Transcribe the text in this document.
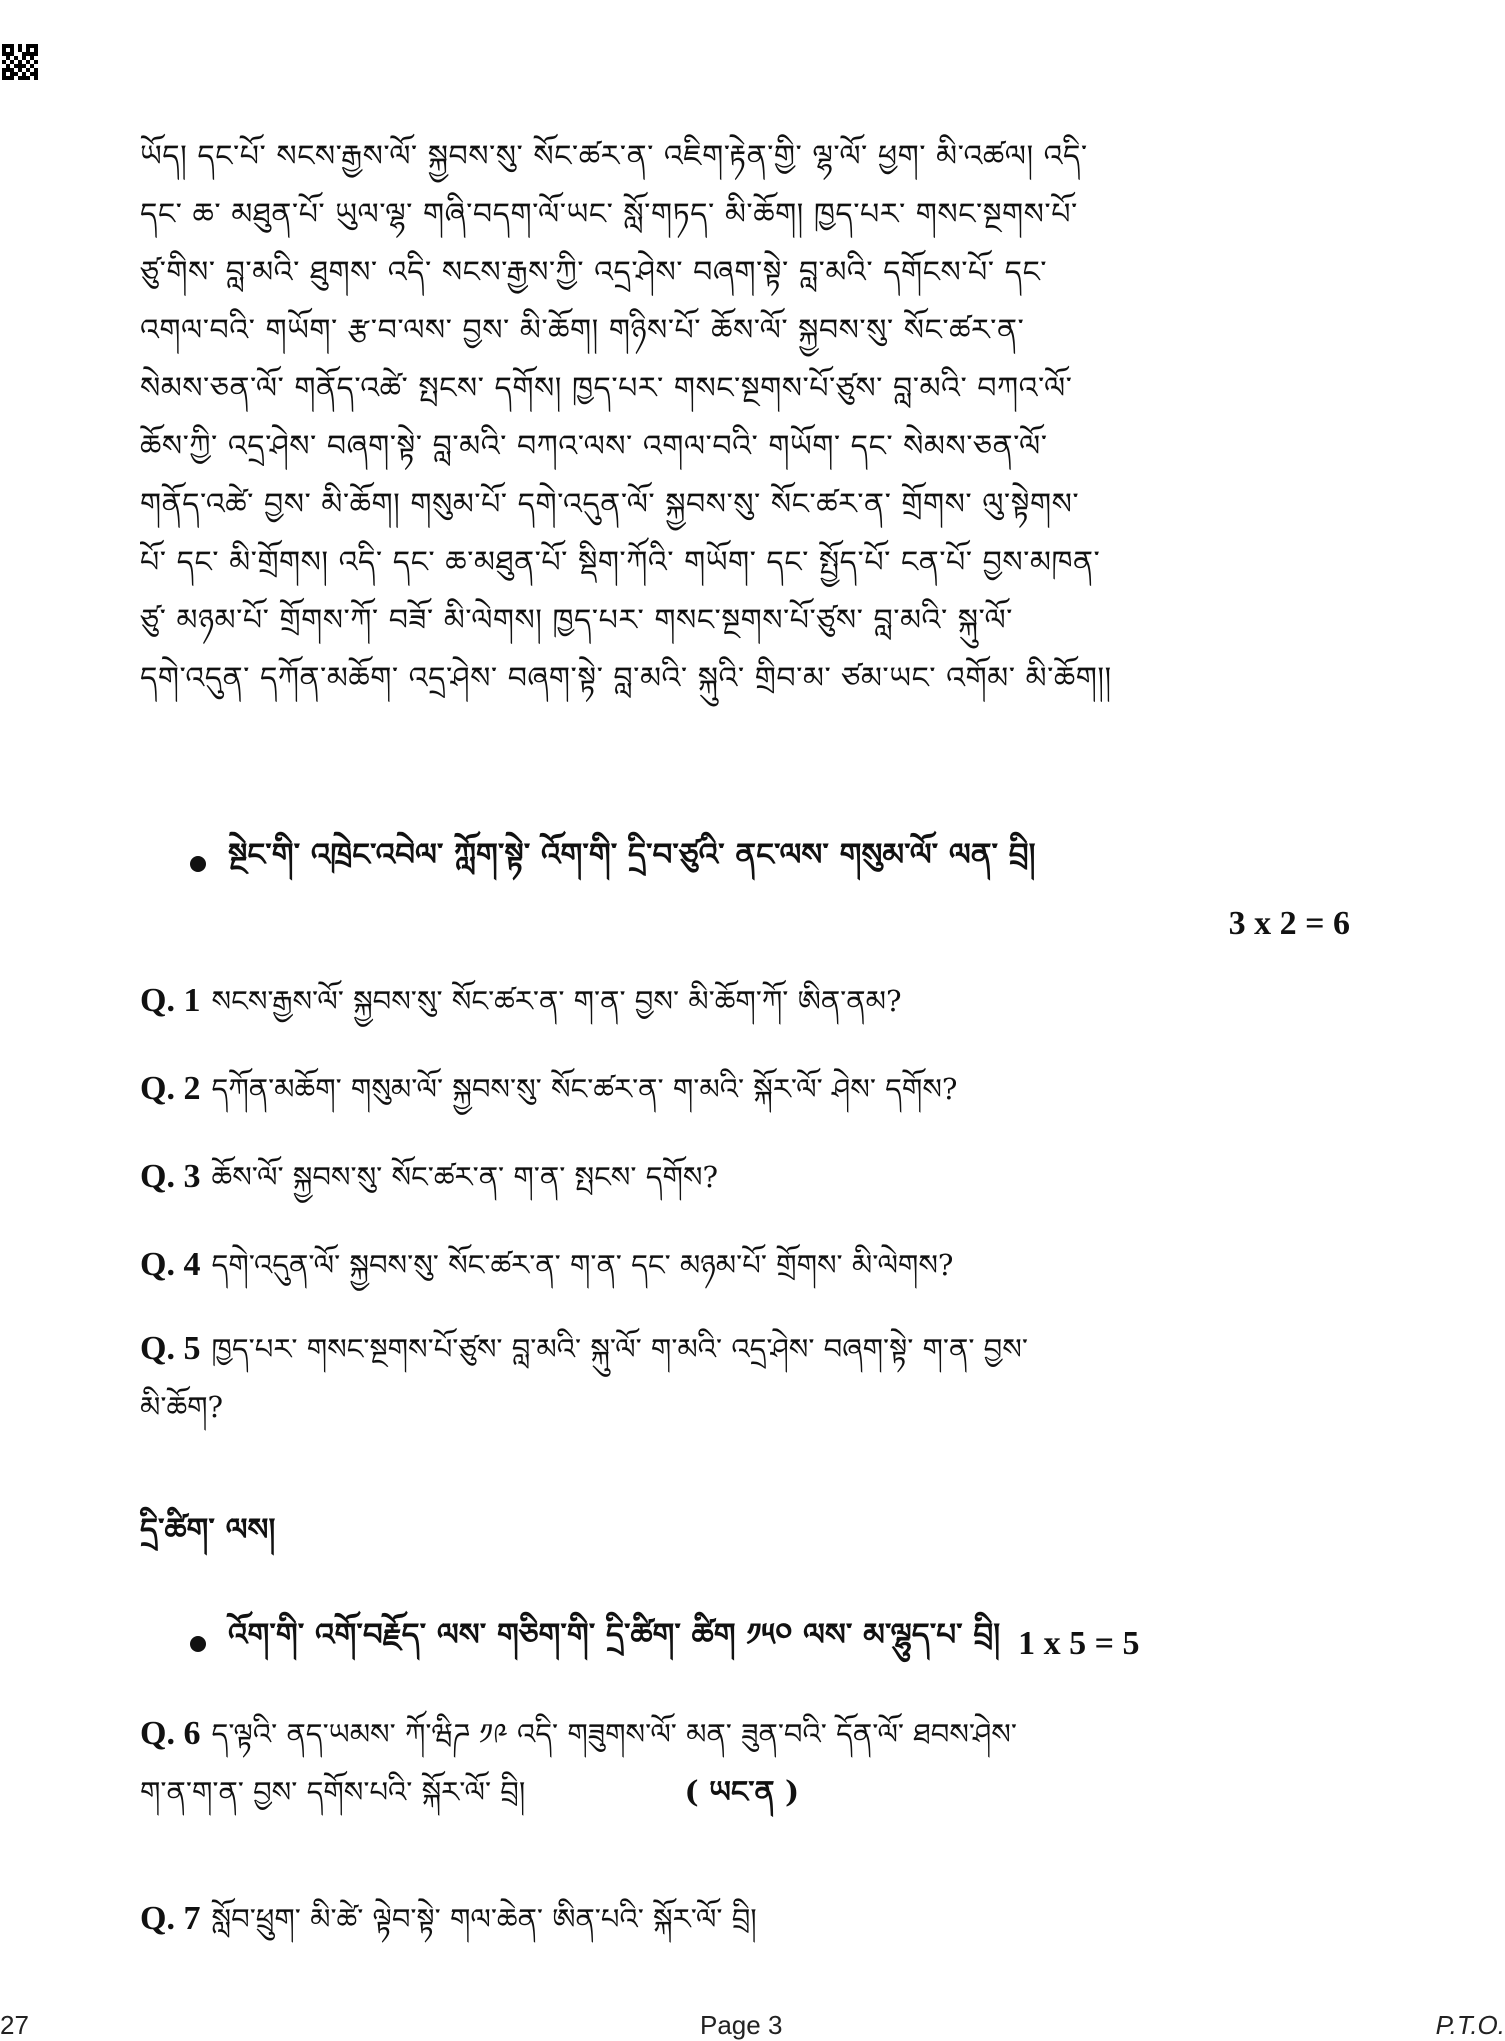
ཡོད། དང་པོ་ སངས་རྒྱས་ལོ་ སྐྱབས་སུ་ སོང་ཚར་ན་ འཇིག་རྟེན་གྱི་ ལྷ་ལོ་ ཕྱག་ མི་འཚལ། འདི་
དང་ ཆ་ མཐུན་པོ་ ཡུལ་ལྷ་ གཞི་བདག་ལོ་ཡང་ སློ་གཏད་ མི་ཆོག། ཁྱད་པར་ གསང་སྔགས་པོ་
ཙུ་གིས་ བླ་མའི་ ཐུགས་ འདི་ སངས་རྒྱས་ཀྱི་ འདྲ་ཤེས་ བཞག་སྟེ་ བླ་མའི་ དགོངས་པོ་ དང་
འགལ་བའི་ གཡོག་ རྩ་བ་ལས་ བྱས་ མི་ཆོག། གཉིས་པོ་ ཆོས་ལོ་ སྐྱབས་སུ་ སོང་ཚར་ན་
སེམས་ཅན་ལོ་ གནོད་འཚེ་ སྤངས་ དགོས། ཁྱད་པར་ གསང་སྔགས་པོ་ཙུས་ བླ་མའི་ བཀའ་ལོ་
ཆོས་ཀྱི་ འདྲ་ཤེས་ བཞག་སྟེ་ བླ་མའི་ བཀའ་ལས་ འགལ་བའི་ གཡོག་ དང་ སེམས་ཅན་ལོ་
གནོད་འཚེ་ བྱས་ མི་ཆོག། གསུམ་པོ་ དགེ་འདུན་ལོ་ སྐྱབས་སུ་ སོང་ཚར་ན་ གྲོགས་ ལུ་སྟེགས་
པོ་ དང་ མི་གྲོགས། འདི་ དང་ ཆ་མཐུན་པོ་ སྡིག་ཀོའི་ གཡོག་ དང་ སྤྱོད་པོ་ ངན་པོ་ བྱས་མཁན་
ཙུ་ མཉམ་པོ་ གྲོགས་ཀོ་ བཟོ་ མི་ལེགས། ཁྱད་པར་ གསང་སྔགས་པོ་ཙུས་ བླ་མའི་ སྐུ་ལོ་
དགེ་འདུན་ དཀོན་མཆོག་ འདྲ་ཤེས་ བཞག་སྟེ་ བླ་མའི་ སྐུའི་ གྲིབ་མ་ ཙམ་ཡང་ འགོམ་ མི་ཆོག།།
སྔེང་གི་ འཁྲེང་འབེལ་ ཀློག་སྟེ་ འོག་གི་ དྲི་བ་ཙུའི་ ནང་ལས་ གསུམ་ལོ་ ལན་ བྲི།
3 x 2 = 6
Q. 1 སངས་རྒྱས་ལོ་ སྐྱབས་སུ་ སོང་ཚར་ན་ ག་ན་ བྱས་ མི་ཆོག་ཀོ་ ཨིན་ནམ?
Q. 2 དཀོན་མཆོག་ གསུམ་ལོ་ སྐྱབས་སུ་ སོང་ཚར་ན་ ག་མའི་ སྐོར་ལོ་ ཤེས་ དགོས?
Q. 3 ཆོས་ལོ་ སྐྱབས་སུ་ སོང་ཚར་ན་ ག་ན་ སྤངས་ དགོས?
Q. 4 དགེ་འདུན་ལོ་ སྐྱབས་སུ་ སོང་ཚར་ན་ ག་ན་ དང་ མཉམ་པོ་ གྲོགས་ མི་ལེགས?
Q. 5 ཁྱད་པར་ གསང་སྔགས་པོ་ཙུས་ བླ་མའི་ སྐུ་ལོ་ ག་མའི་ འདྲ་ཤེས་ བཞག་སྟེ་ ག་ན་ བྱས་
མི་ཆོག?
དྲི་ཚིག་ ལས།
འོག་གི་ འགོ་བརྗོད་ ལས་ གཅིག་གི་ དྲི་ཚིག་ ཚིག ༡༥༠ ལས་ མ་ལྷུད་པ་ བྲི། 1 x 5 = 5
Q. 6 ད་ལྟའི་ ནད་ཡམས་ ཀོ་ཝིཌ ༡༩ འདི་ གཟུགས་ལོ་ མན་ ཟུན་བའི་ དོན་ལོ་ ཐབས་ཤེས་
ག་ན་ག་ན་ བྱས་ དགོས་པའི་ སྐོར་ལོ་ བྲི།	( ཡང་ན )
Q. 7 སློབ་ཕྲུག་ མི་ཚེ་ ལྟེབ་སྟེ་ གལ་ཆེན་ ཨིན་པའི་ སྐོར་ལོ་ བྲི།
27	Page 3	P.T.O.
